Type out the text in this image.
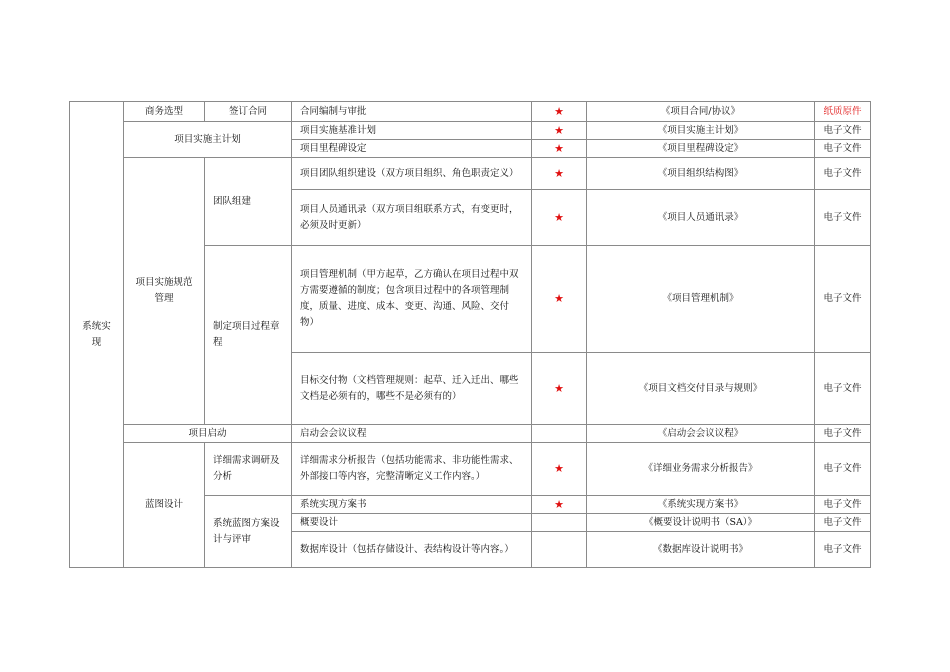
系统实现	商务选型	签订合同	合同编制与审批	★	《项目合同/协议》	纸质原件
	项目实施主计划		项目实施基准计划	★	《项目实施主计划》	电子文件
			项目里程碑设定	★	《项目里程碑设定》	电子文件
	项目实施规范管理	团队组建	项目团队组织建设（双方项目组织、角色职责定义）	★	《项目组织结构图》	电子文件
			项目人员通讯录（双方项目组联系方式，有变更时，必须及时更新）	★	《项目人员通讯录》	电子文件
		制定项目过程章程	项目管理机制（甲方起草，乙方确认在项目过程中双方需要遵循的制度；包含项目过程中的各项管理制度，质量、进度、成本、变更、沟通、风险、交付物）	★	《项目管理机制》	电子文件
			目标交付物（文档管理规则：起草、迁入迁出、哪些文档是必须有的，哪些不是必须有的）	★	《项目文档交付目录与规则》	电子文件
	项目启动		启动会会议议程		《启动会会议议程》	电子文件
	蓝图设计	详细需求调研及分析	详细需求分析报告（包括功能需求、非功能性需求、外部接口等内容，完整清晰定义工作内容。）	★	《详细业务需求分析报告》	电子文件
		系统蓝图方案设计与评审	系统实现方案书	★	《系统实现方案书》	电子文件
			概要设计		《概要设计说明书（SA）》	电子文件
			数据库设计（包括存储设计、表结构设计等内容。）		《数据库设计说明书》	电子文件
